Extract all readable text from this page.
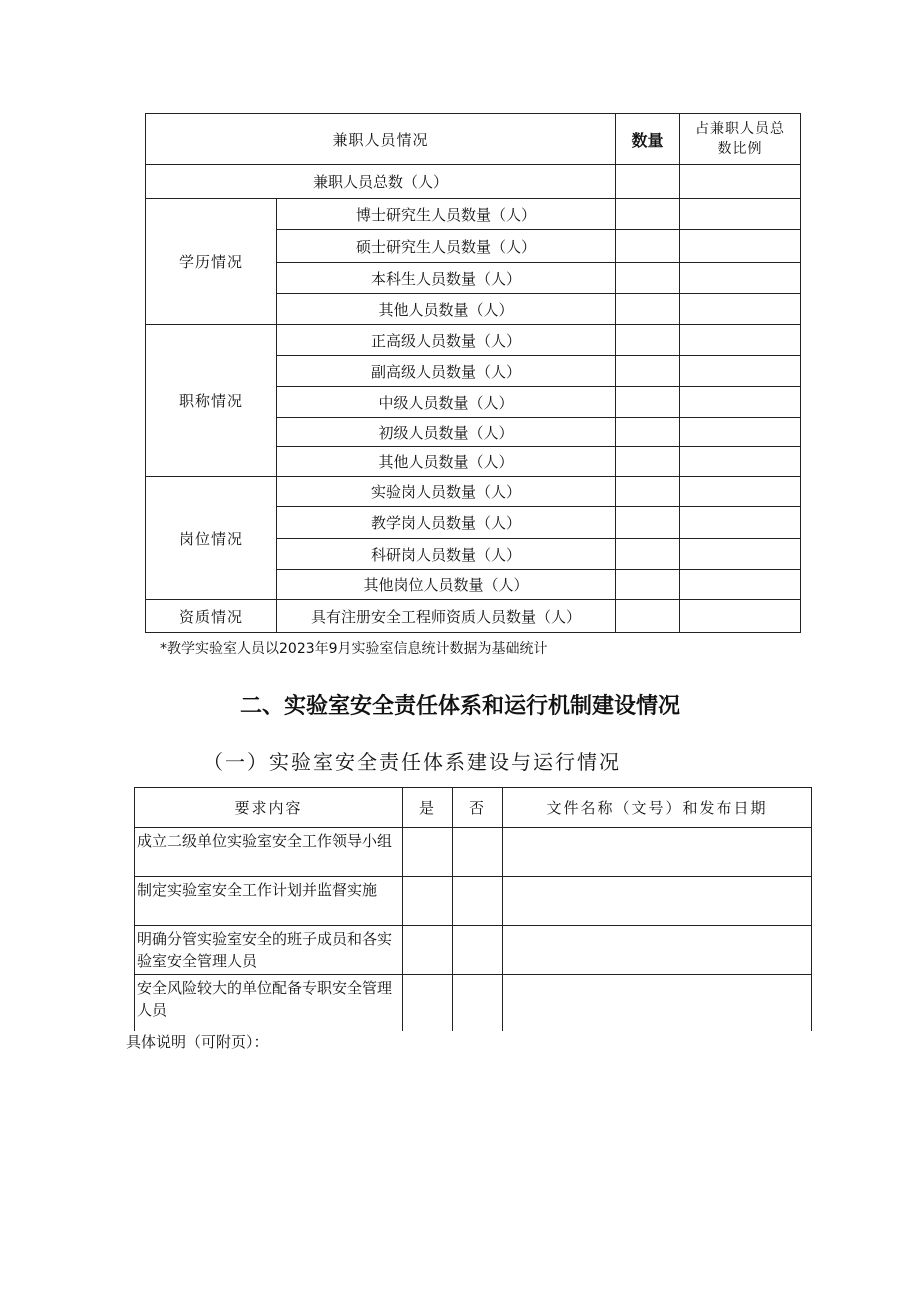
兼职人员情况		数量	占兼职人员总
数比例

兼职人员总数（人）			
学历情况	博士研究生人员数量（人）		
	硕士研究生人员数量（人）		
	本科生人员数量（人）		
	其他人员数量（人）		
职称情况	正高级人员数量（人）		
	副高级人员数量（人）		
	中级人员数量（人）		
	初级人员数量（人）		
	其他人员数量（人）		
岗位情况	实验岗人员数量（人）		
	教学岗人员数量（人）		
	科研岗人员数量（人）		
	其他岗位人员数量（人）		
资质情况	具有注册安全工程师资质人员数量（人）		
*教学实验室人员以2023年9月实验室信息统计数据为基础统计
二、实验室安全责任体系和运行机制建设情况
（一）实验室安全责任体系建设与运行情况
要求内容	是	否	文件名称（文号）和发布日期
成立二级单位实验室安全工作领导小组			
制定实验室安全工作计划并监督实施			
明确分管实验室安全的班子成员和各实验室安全管理人员			
安全风险较大的单位配备专职安全管理人员			
具体说明（可附页）：
